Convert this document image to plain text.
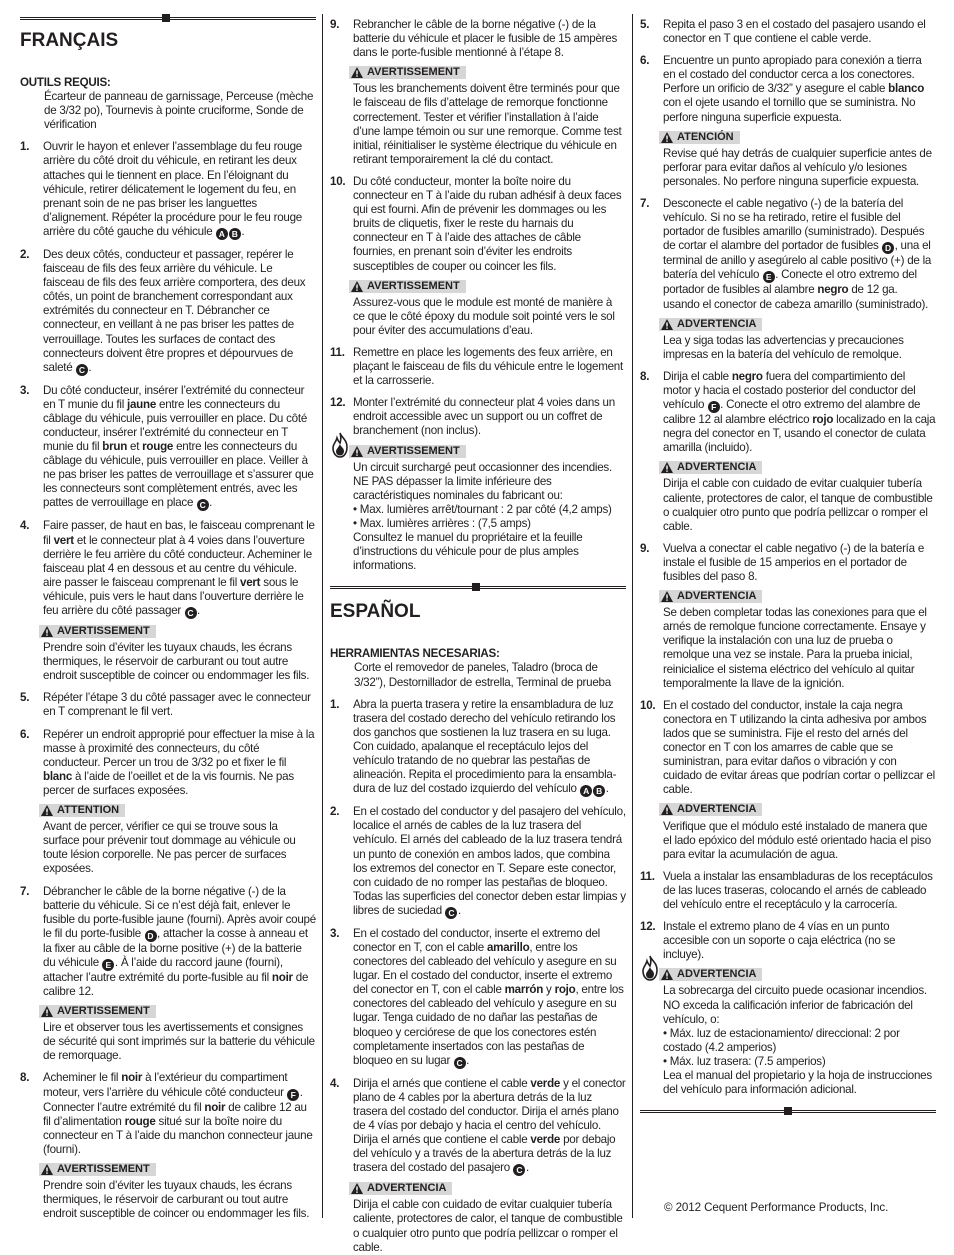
FRANÇAIS
OUTILS REQUIS:
Écarteur de panneau de garnissage, Perceuse (mèche de 3/32 po), Tournevis à pointe cruciforme, Sonde de vérification
1. Ouvrir le hayon et enlever l’assemblage du feu rouge arrière du côté droit du véhicule, en retirant les deux attaches qui le tiennent en place. En l’éloignant du véhicule, retirer délicatement le logement du feu, en prenant soin de ne pas briser les languettes d’alignement. Répéter la procédure pour le feu rouge arrière du côté gauche du véhicule A B .
2. Des deux côtés, conducteur et passager, repérer le faisceau de fils des feux arrière du véhicule. Le faisceau de fils des feux arrière comportera, des deux côtés, un point de branchement correspondant aux extrémités du connecteur en T. Débrancher ce connecteur, en veillant à ne pas briser les pattes de verrouillage. Toutes les surfaces de contact des connecteurs doivent être propres et dépourvues de saleté C .
3. Du côté conducteur, insérer l’extrémité du connecteur en T munie du fil jaune entre les connecteurs du câblage du véhicule, puis verrouiller en place. Du côté conducteur, insérer l’extrémité du connecteur en T munie du fil brun et rouge entre les connecteurs du câblage du véhicule, puis verrouiller en place. Veiller à ne pas briser les pattes de verrouillage et s’assurer que les connecteurs sont complètement entrés, avec les pattes de verrouillage en place C .
4. Faire passer, de haut en bas, le faisceau comprenant le fil vert et le connecteur plat à 4 voies dans l’ouverture derrière le feu arrière du côté conducteur. Acheminer le faisceau plat 4 en dessous et au centre du véhicule. aire passer le faisceau comprenant le fil vert sous le véhicule, puis vers le haut dans l’ouverture derrière le feu arrière du côté passager C .
AVERTISSEMENT
Prendre soin d’éviter les tuyaux chauds, les écrans thermiques, le réservoir de carburant ou tout autre endroit susceptible de coincer ou endommager les fils.
5. Répéter l’étape 3 du côté passager avec le connecteur en T comprenant le fil vert.
6. Repérer un endroit approprié pour effectuer la mise à la masse à proximité des connecteurs, du côté conducteur. Percer un trou de 3/32 po et fixer le fil blanc à l’aide de l’oeillet et de la vis fournis. Ne pas percer de surfaces exposées.
ATTENTION
Avant de percer, vérifier ce qui se trouve sous la surface pour prévenir tout dommage au véhicule ou toute lésion corporelle. Ne pas percer de surfaces exposées.
7. Débrancher le câble de la borne négative (-) de la batterie du véhicule. Si ce n’est déjà fait, enlever le fusible du porte-fusible jaune (fourni). Après avoir coupé le fil du porte-fusible D , attacher la cosse à anneau et la fixer au câble de la borne positive (+) de la batterie du véhicule E . À l’aide du raccord jaune (fourni), attacher l’autre extrémité du porte-fusible au fil noir de calibre 12.
AVERTISSEMENT
Lire et observer tous les avertissements et consignes de sécurité qui sont imprimés sur la batterie du véhicule de remorquage.
8. Acheminer le fil noir à l’extérieur du compartiment moteur, vers l’arrière du véhicule côté conducteur F . Connecter l’autre extrémité du fil noir de calibre 12 au fil d’alimentation rouge situé sur la boîte noire du connecteur en T à l’aide du manchon connecteur jaune (fourni).
AVERTISSEMENT
Prendre soin d’éviter les tuyaux chauds, les écrans thermiques, le réservoir de carburant ou tout autre endroit susceptible de coincer ou endommager les fils.
9. Rebrancher le câble de la borne négative (-) de la batterie du véhicule et placer le fusible de 15 ampères dans le porte-fusible mentionné à l’étape 8.
AVERTISSEMENT
Tous les branchements doivent être terminés pour que le faisceau de fils d’attelage de remorque fonctionne correctement. Tester et vérifier l’installation à l’aide d’une lampe témoin ou sur une remorque. Comme test initial, réinitialiser le système électrique du véhicule en retirant temporairement la clé du contact.
10. Du côté conducteur, monter la boîte noire du connecteur en T à l’aide du ruban adhésif à deux faces qui est fourni. Afin de prévenir les dommages ou les bruits de cliquetis, fixer le reste du harnais du connecteur en T à l’aide des attaches de câble fournies, en prenant soin d’éviter les endroits susceptibles de couper ou coincer les fils.
AVERTISSEMENT
Assurez-vous que le module est monté de manière à ce que le côté époxy du module soit pointé vers le sol pour éviter des accumulations d’eau.
11. Remettre en place les logements des feux arrière, en plaçant le faisceau de fils du véhicule entre le logement et la carrosserie.
12. Monter l’extrémité du connecteur plat 4 voies dans un endroit accessible avec un support ou un coffret de branchement (non inclus).
AVERTISSEMENT
Un circuit surchargé peut occasionner des incendies. NE PAS dépasser la limite inférieure des caractéristiques nominales du fabricant ou:
• Max. lumières arrêt/tournant : 2 par côté (4,2 amps)
• Max. lumières arrières : (7,5 amps)
Consultez le manuel du propriétaire et la feuille d’instructions du véhicule pour de plus amples informations.
ESPAÑOL
HERRAMIENTAS NECESARIAS:
Corte el removedor de paneles, Taladro (broca de 3/32”), Destornillador de estrella, Terminal de prueba
1. Abra la puerta trasera y retire la ensambladura de luz trasera del costado derecho del vehículo retirando los dos ganchos que sostienen la luz trasera en su luga. Con cuidado, apalanque el receptáculo lejos del vehículo tratando de no quebrar las pestañas de alineación. Repita el procedimiento para la ensambla-dura de luz del costado izquierdo del vehículo A B .
2. En el costado del conductor y del pasajero del vehículo, localice el arnés de cables de la luz trasera del vehículo. El arnés del cableado de la luz trasera tendrá un punto de conexión en ambos lados, que combina los extremos del conector en T. Separe este conector, con cuidado de no romper las pestañas de bloqueo. Todas las superficies del conector deben estar limpias y libres de suciedad C .
3. En el costado del conductor, inserte el extremo del conector en T, con el cable amarillo, entre los conectores del cableado del vehículo y asegure en su lugar. En el costado del conductor, inserte el extremo del conector en T, con el cable marrón y rojo, entre los conectores del cableado del vehículo y asegure en su lugar. Tenga cuidado de no dañar las pestañas de bloqueo y cerciórese de que los conectores estén completamente insertados con las pestañas de bloqueo en su lugar C .
4. Dirija el arnés que contiene el cable verde y el conector plano de 4 cables por la abertura detrás de la luz trasera del costado del conductor. Dirija el arnés plano de 4 vías por debajo y hacia el centro del vehículo. Dirija el arnés que contiene el cable verde por debajo del vehículo y a través de la abertura detrás de la luz trasera del costado del pasajero C .
ADVERTENCIA
Dirija el cable con cuidado de evitar cualquier tubería caliente, protectores de calor, el tanque de combustible o cualquier otro punto que podría pellizcar o romper el cable.
5. Repita el paso 3 en el costado del pasajero usando el conector en T que contiene el cable verde.
6. Encuentre un punto apropiado para conexión a tierra en el costado del conductor cerca a los conectores. Perfore un orificio de 3/32” y asegure el cable blanco con el ojete usando el tornillo que se suministra. No perfore ninguna superficie expuesta.
ATENCIÓN
Revise qué hay detrás de cualquier superficie antes de perforar para evitar daños al vehículo y/o lesiones personales. No perfore ninguna superficie expuesta.
7. Desconecte el cable negativo (-) de la batería del vehículo. Si no se ha retirado, retire el fusible del portador de fusibles amarillo (suministrado). Después de cortar el alambre del portador de fusibles D , una el terminal de anillo y asegúrelo al cable positivo (+) de la batería del vehículo E . Conecte el otro extremo del portador de fusibles al alambre negro de 12 ga. usando el conector de cabeza amarillo (suministrado).
ADVERTENCIA
Lea y siga todas las advertencias y precauciones impresas en la batería del vehículo de remolque.
8. Dirija el cable negro fuera del compartimiento del motor y hacia el costado posterior del conductor del vehículo F . Conecte el otro extremo del alambre de calibre 12 al alambre eléctrico rojo localizado en la caja negra del conector en T, usando el conector de culata amarilla (incluido).
ADVERTENCIA
Dirija el cable con cuidado de evitar cualquier tubería caliente, protectores de calor, el tanque de combustible o cualquier otro punto que podría pellizcar o romper el cable.
9. Vuelva a conectar el cable negativo (-) de la batería e instale el fusible de 15 amperios en el portador de fusibles del paso 8.
ADVERTENCIA
Se deben completar todas las conexiones para que el arnés de remolque funcione correctamente. Ensaye y verifique la instalación con una luz de prueba o remolque una vez se instale. Para la prueba inicial, reinicialice el sistema eléctrico del vehículo al quitar temporalmente la llave de la ignición.
10. En el costado del conductor, instale la caja negra conectora en T utilizando la cinta adhesiva por ambos lados que se suministra. Fije el resto del arnés del conector en T con los amarres de cable que se suministran, para evitar daños o vibración y con cuidado de evitar áreas que podrían cortar o pellizcar el cable.
ADVERTENCIA
Verifique que el módulo esté instalado de manera que el lado epóxico del módulo esté orientado hacia el piso para evitar la acumulación de agua.
11. Vuela a instalar las ensambladuras de los receptáculos de las luces traseras, colocando el arnés de cableado del vehículo entre el receptáculo y la carrocería.
12. Instale el extremo plano de 4 vías en un punto accesible con un soporte o caja eléctrica (no se incluye).
ADVERTENCIA
La sobrecarga del circuito puede ocasionar incendios. NO exceda la calificación inferior de fabricación del vehículo, o:
• Máx. luz de estacionamiento/ direccional: 2 por costado (4.2 amperios)
• Máx. luz trasera: (7.5 amperios)
Lea el manual del propietario y la hoja de instrucciones del vehículo para información adicional.
© 2012 Cequent Performance Products, Inc.
